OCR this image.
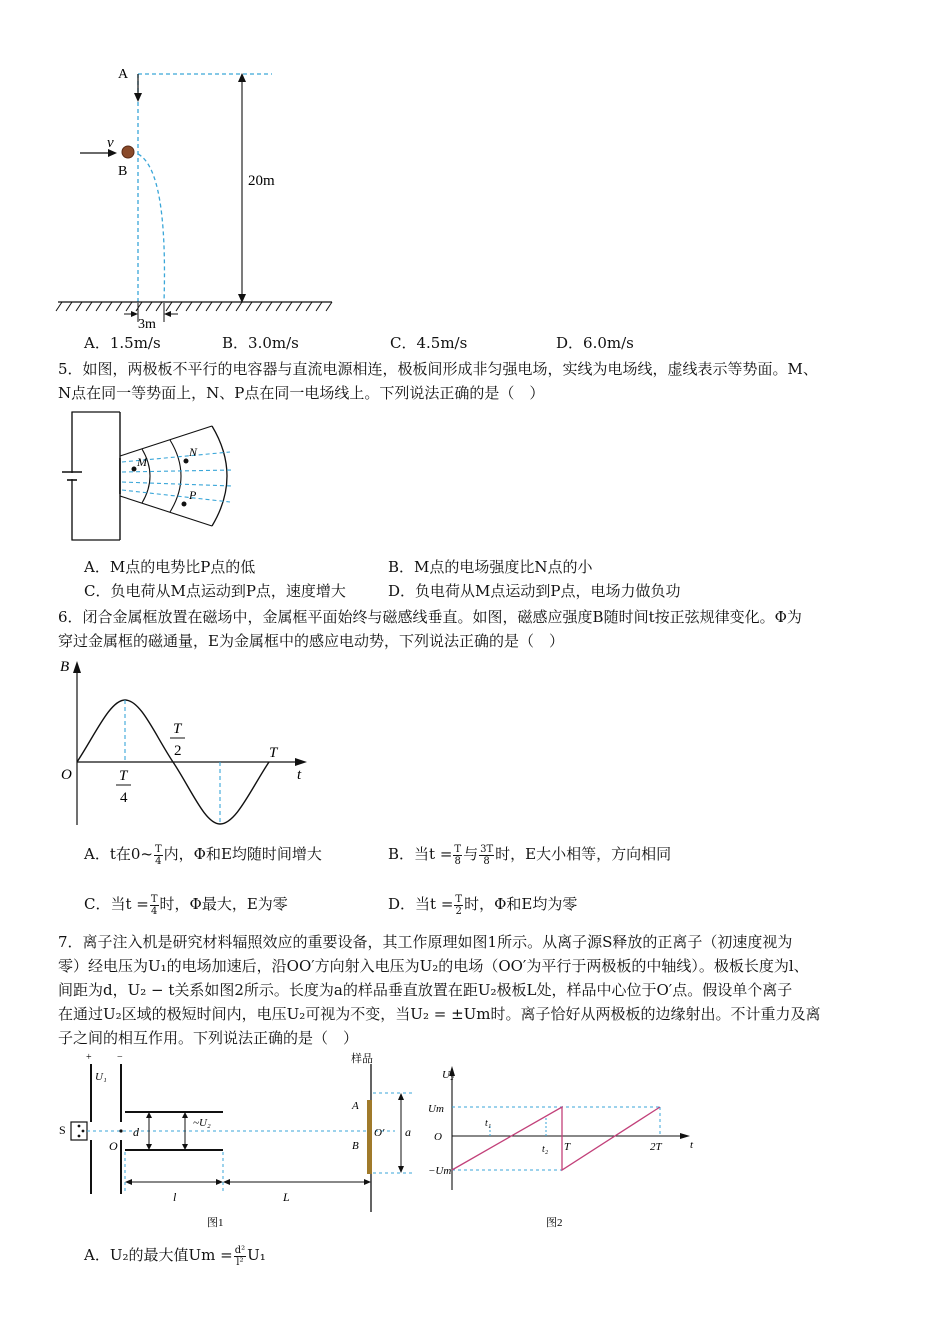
A
v
B
20m
3m
A．1.5m/s	B．3.0m/s	C．4.5m/s	D．6.0m/s
5．如图，两极板不平行的电容器与直流电源相连，极板间形成非匀强电场，实线为电场线，虚线表示等势面。M、
N点在同一等势面上，N、P点在同一电场线上。下列说法正确的是（　）
M
N
P
A．M点的电势比P点的低	B．M点的电场强度比N点的小
C．负电荷从M点运动到P点，速度增大	D．负电荷从M点运动到P点，电场力做负功
6．闭合金属框放置在磁场中，金属框平面始终与磁感线垂直。如图，磁感应强度B随时间t按正弦规律变化。Φ为
穿过金属框的磁通量，E为金属框中的感应电动势，下列说法正确的是（　）
B
O	t
T
2
T
4
T
A．t在0~ $\frac{T}{4}$ 内，Φ和E均随时间增大	B．当$t = \frac{T}{8}$ 与 $\frac{3T}{8}$ 时，E大小相等，方向相同
C．当$t = \frac{T}{4}$ 时，Φ最大，E为零	D．当$t = \frac{T}{2}$ 时，Φ和E均为零
7．离子注入机是研究材料辐照效应的重要设备，其工作原理如图1所示。从离子源S释放的正离子（初速度视为
零）经电压为U₁的电场加速后，沿OO′方向射入电压为U₂的电场（OO′为平行于两极板的中轴线）。极板长度为l、
间距为d，U₂ − t关系如图2所示。长度为a的样品垂直放置在距U₂极板L处，样品中心位于O′点。假设单个离子
在通过U₂区域的极短时间内，电压U₂可视为不变，当U₂ = ±Um时。离子恰好从两极板的边缘射出。不计重力及离
子之间的相互作用。下列说法正确的是（　）
+	−
U₁
S
O
d
~U₂
样品
A
B
O′ a
l	L
图1
U₂
Um
O
−Um
t
t₁
t₂ T	2T
图2
A．U₂的最大值$Um = \frac{\text{d²}}{\text{l²}} U_1$
